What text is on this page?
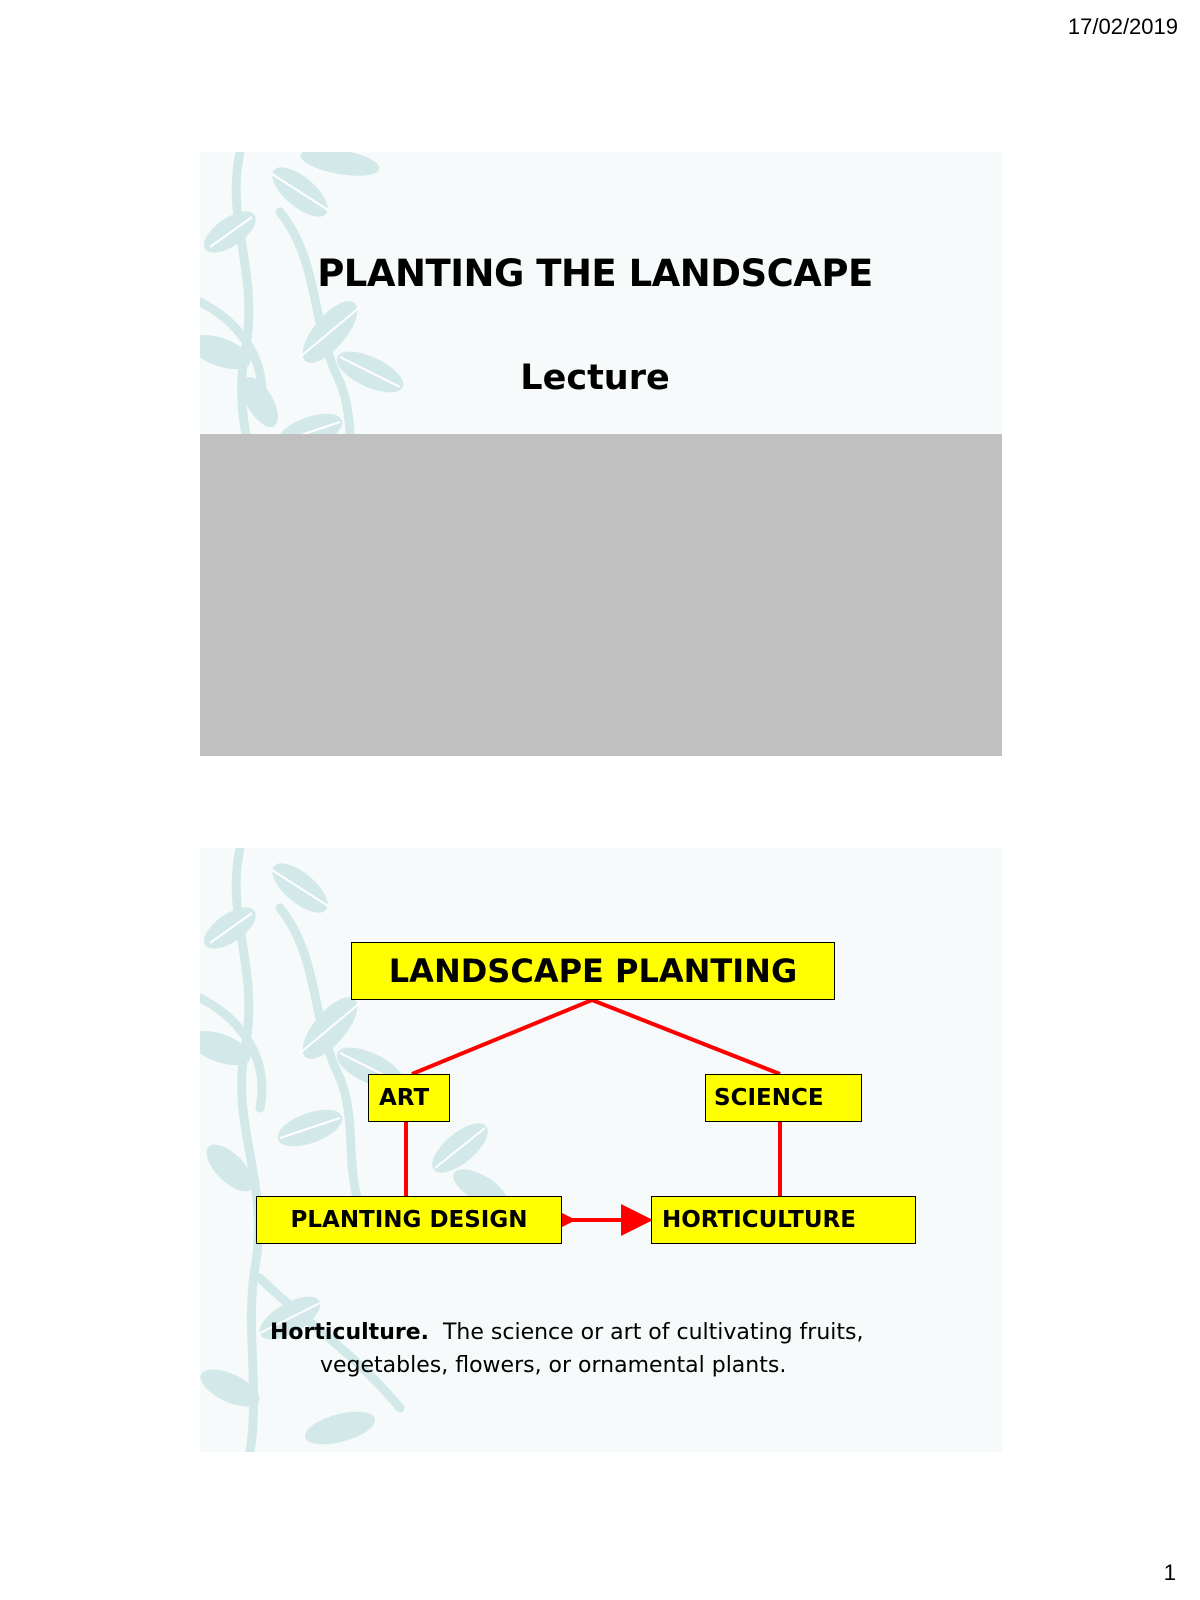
17/02/2019
PLANTING THE LANDSCAPE
Lecture
LANDSCAPE PLANTING
ART	SCIENCE
PLANTING DESIGN	HORTICULTURE
Horticulture. The science or art of cultivating fruits,
vegetables, flowers, or ornamental plants.
1
